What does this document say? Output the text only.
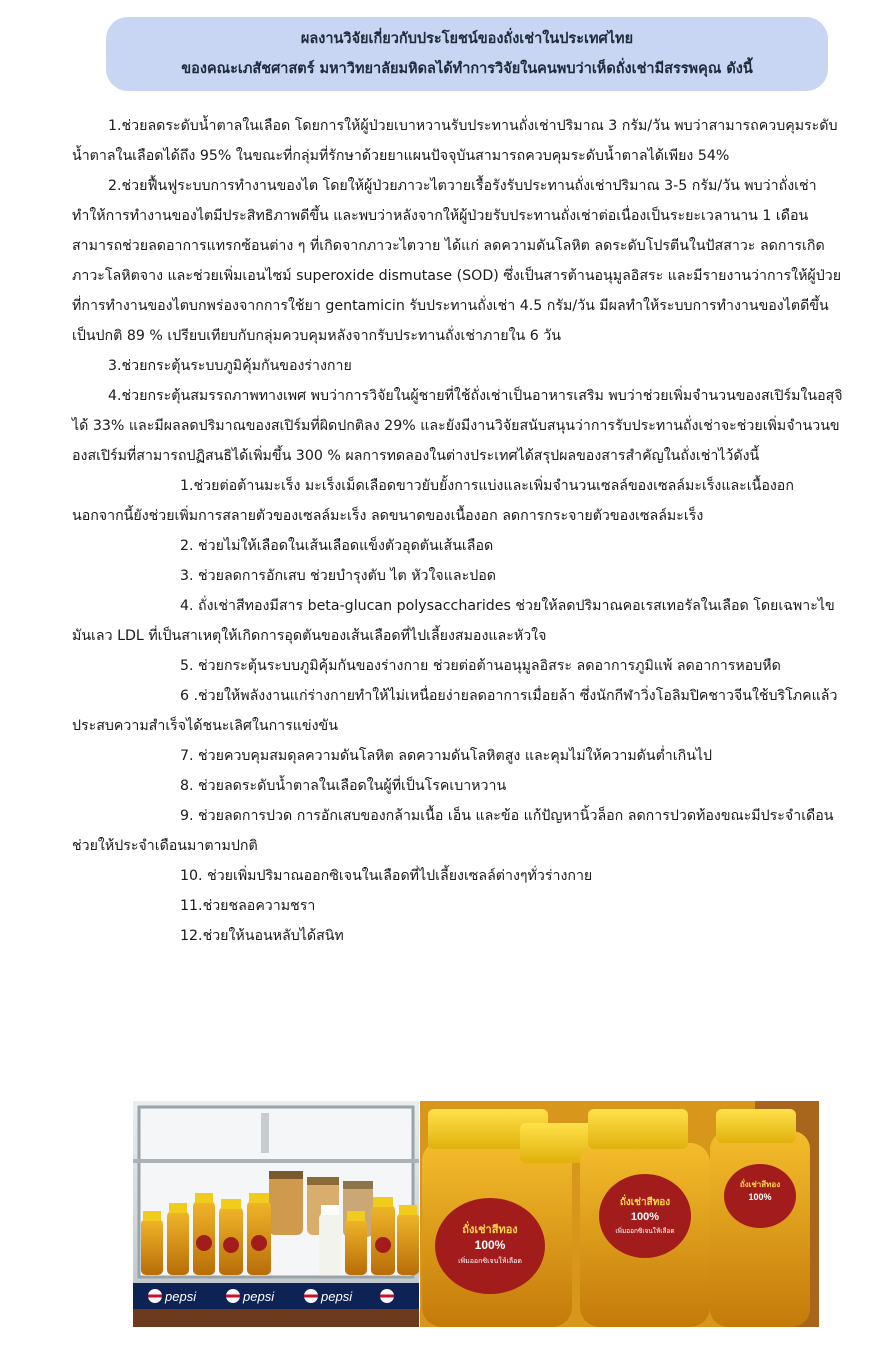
ผลงานวิจัยเกี่ยวกับประโยชน์ของถั่งเช่าในประเทศไทย
ของคณะเภสัชศาสตร์ มหาวิทยาลัยมหิดลได้ทำการวิจัยในคนพบว่าเห็ดถั่งเช่ามีสรรพคุณ ดังนี้

1.ช่วยลดระดับน้ำตาลในเลือด โดยการให้ผู้ป่วยเบาหวานรับประทานถั่งเช่าปริมาณ 3 กรัม/วัน พบว่าสามารถควบคุมระดับน้ำตาลในเลือดได้ถึง 95% ในขณะที่กลุ่มที่รักษาด้วยยาแผนปัจจุบันสามารถควบคุมระดับน้ำตาลได้เพียง 54%

2.ช่วยฟื้นฟูระบบการทำงานของไต โดยให้ผู้ป่วยภาวะไตวายเรื้อรังรับประทานถั่งเช่าปริมาณ 3-5 กรัม/วัน พบว่าถั่งเช่าทำให้การทำงานของไตมีประสิทธิภาพดีขึ้น และพบว่าหลังจากให้ผู้ป่วยรับประทานถั่งเช่าต่อเนื่องเป็นระยะเวลานาน 1 เดือน สามารถช่วยลดอาการแทรกซ้อนต่าง ๆ ที่เกิดจากภาวะไตวาย ได้แก่ ลดความดันโลหิต ลดระดับโปรตีนในปัสสาวะ ลดการเกิดภาวะโลหิตจาง และช่วยเพิ่มเอนไซม์ superoxide dismutase (SOD) ซึ่งเป็นสารต้านอนุมูลอิสระ และมีรายงานว่าการให้ผู้ป่วยที่การทำงานของไตบกพร่องจากการใช้ยา gentamicin รับประทานถั่งเช่า 4.5 กรัม/วัน มีผลทำให้ระบบการทำงานของไตดีขึ้นเป็นปกติ 89 % เปรียบเทียบกับกลุ่มควบคุมหลังจากรับประทานถั่งเช่าภายใน 6 วัน

3.ช่วยกระตุ้นระบบภูมิคุ้มกันของร่างกาย

4.ช่วยกระตุ้นสมรรถภาพทางเพศ พบว่าการวิจัยในผู้ชายที่ใช้ถั่งเช่าเป็นอาหารเสริม พบว่าช่วยเพิ่มจำนวนของสเปิร์มในอสุจิได้ 33% และมีผลลดปริมาณของสเปิร์มที่ผิดปกติลง 29% และยังมีงานวิจัยสนับสนุนว่าการรับประทานถั่งเช่าจะช่วยเพิ่มจำนวนของสเปิร์มที่สามารถปฏิสนธิได้เพิ่มขึ้น 300 % ผลการทดลองในต่างประเทศได้สรุปผลของสารสำคัญในถั่งเช่าไว้ดังนี้

1.ช่วยต่อต้านมะเร็ง มะเร็งเม็ดเลือดขาวยับยั้งการแบ่งและเพิ่มจำนวนเซลล์ของเซลล์มะเร็งและเนื้องอก นอกจากนี้ยังช่วยเพิ่มการสลายตัวของเซลล์มะเร็ง ลดขนาดของเนื้องอก ลดการกระจายตัวของเซลล์มะเร็ง

2. ช่วยไม่ให้เลือดในเส้นเลือดแข็งตัวอุดตันเส้นเลือด

3. ช่วยลดการอักเสบ ช่วยบำรุงตับ ไต หัวใจและปอด

4. ถั่งเช่าสีทองมีสาร beta-glucan polysaccharides ช่วยให้ลดปริมาณคอเรสเทอรัลในเลือด โดยเฉพาะไขมันเลว LDL ที่เป็นสาเหตุให้เกิดการอุดตันของเส้นเลือดที่ไปเลี้ยงสมองและหัวใจ

5. ช่วยกระตุ้นระบบภูมิคุ้มกันของร่างกาย ช่วยต่อต้านอนุมูลอิสระ ลดอาการภูมิแพ้ ลดอาการหอบหืด

6 .ช่วยให้พลังงานแก่ร่างกายทำให้ไม่เหนื่อยง่ายลดอาการเมื่อยล้า ซึ่งนักกีฬาวิ่งโอลิมปิคชาวจีนใช้บริโภคแล้วประสบความสำเร็จได้ชนะเลิศในการแข่งขัน

7. ช่วยควบคุมสมดุลความดันโลหิต ลดความดันโลหิตสูง และคุมไม่ให้ความดันต่ำเกินไป

8. ช่วยลดระดับน้ำตาลในเลือดในผู้ที่เป็นโรคเบาหวาน

9. ช่วยลดการปวด การอักเสบของกล้ามเนื้อ เอ็น และข้อ แก้ปัญหานิ้วล็อก ลดการปวดท้องขณะมีประจำเดือน ช่วยให้ประจำเดือนมาตามปกติ

10. ช่วยเพิ่มปริมาณออกซิเจนในเลือดที่ไปเลี้ยงเซลล์ต่างๆทั่วร่างกาย

11.ช่วยชลอความชรา

12.ช่วยให้นอนหลับได้สนิท

pepsi	pepsi	pepsi
ถั่งเช่าสีทอง
100%
เพิ่มออกซิเจนให้เลือด
ถั่งเช่าสีทอง
100%
เพิ่มออกซิเจนให้เลือด
ถั่งเช่าสีทอง
100%
